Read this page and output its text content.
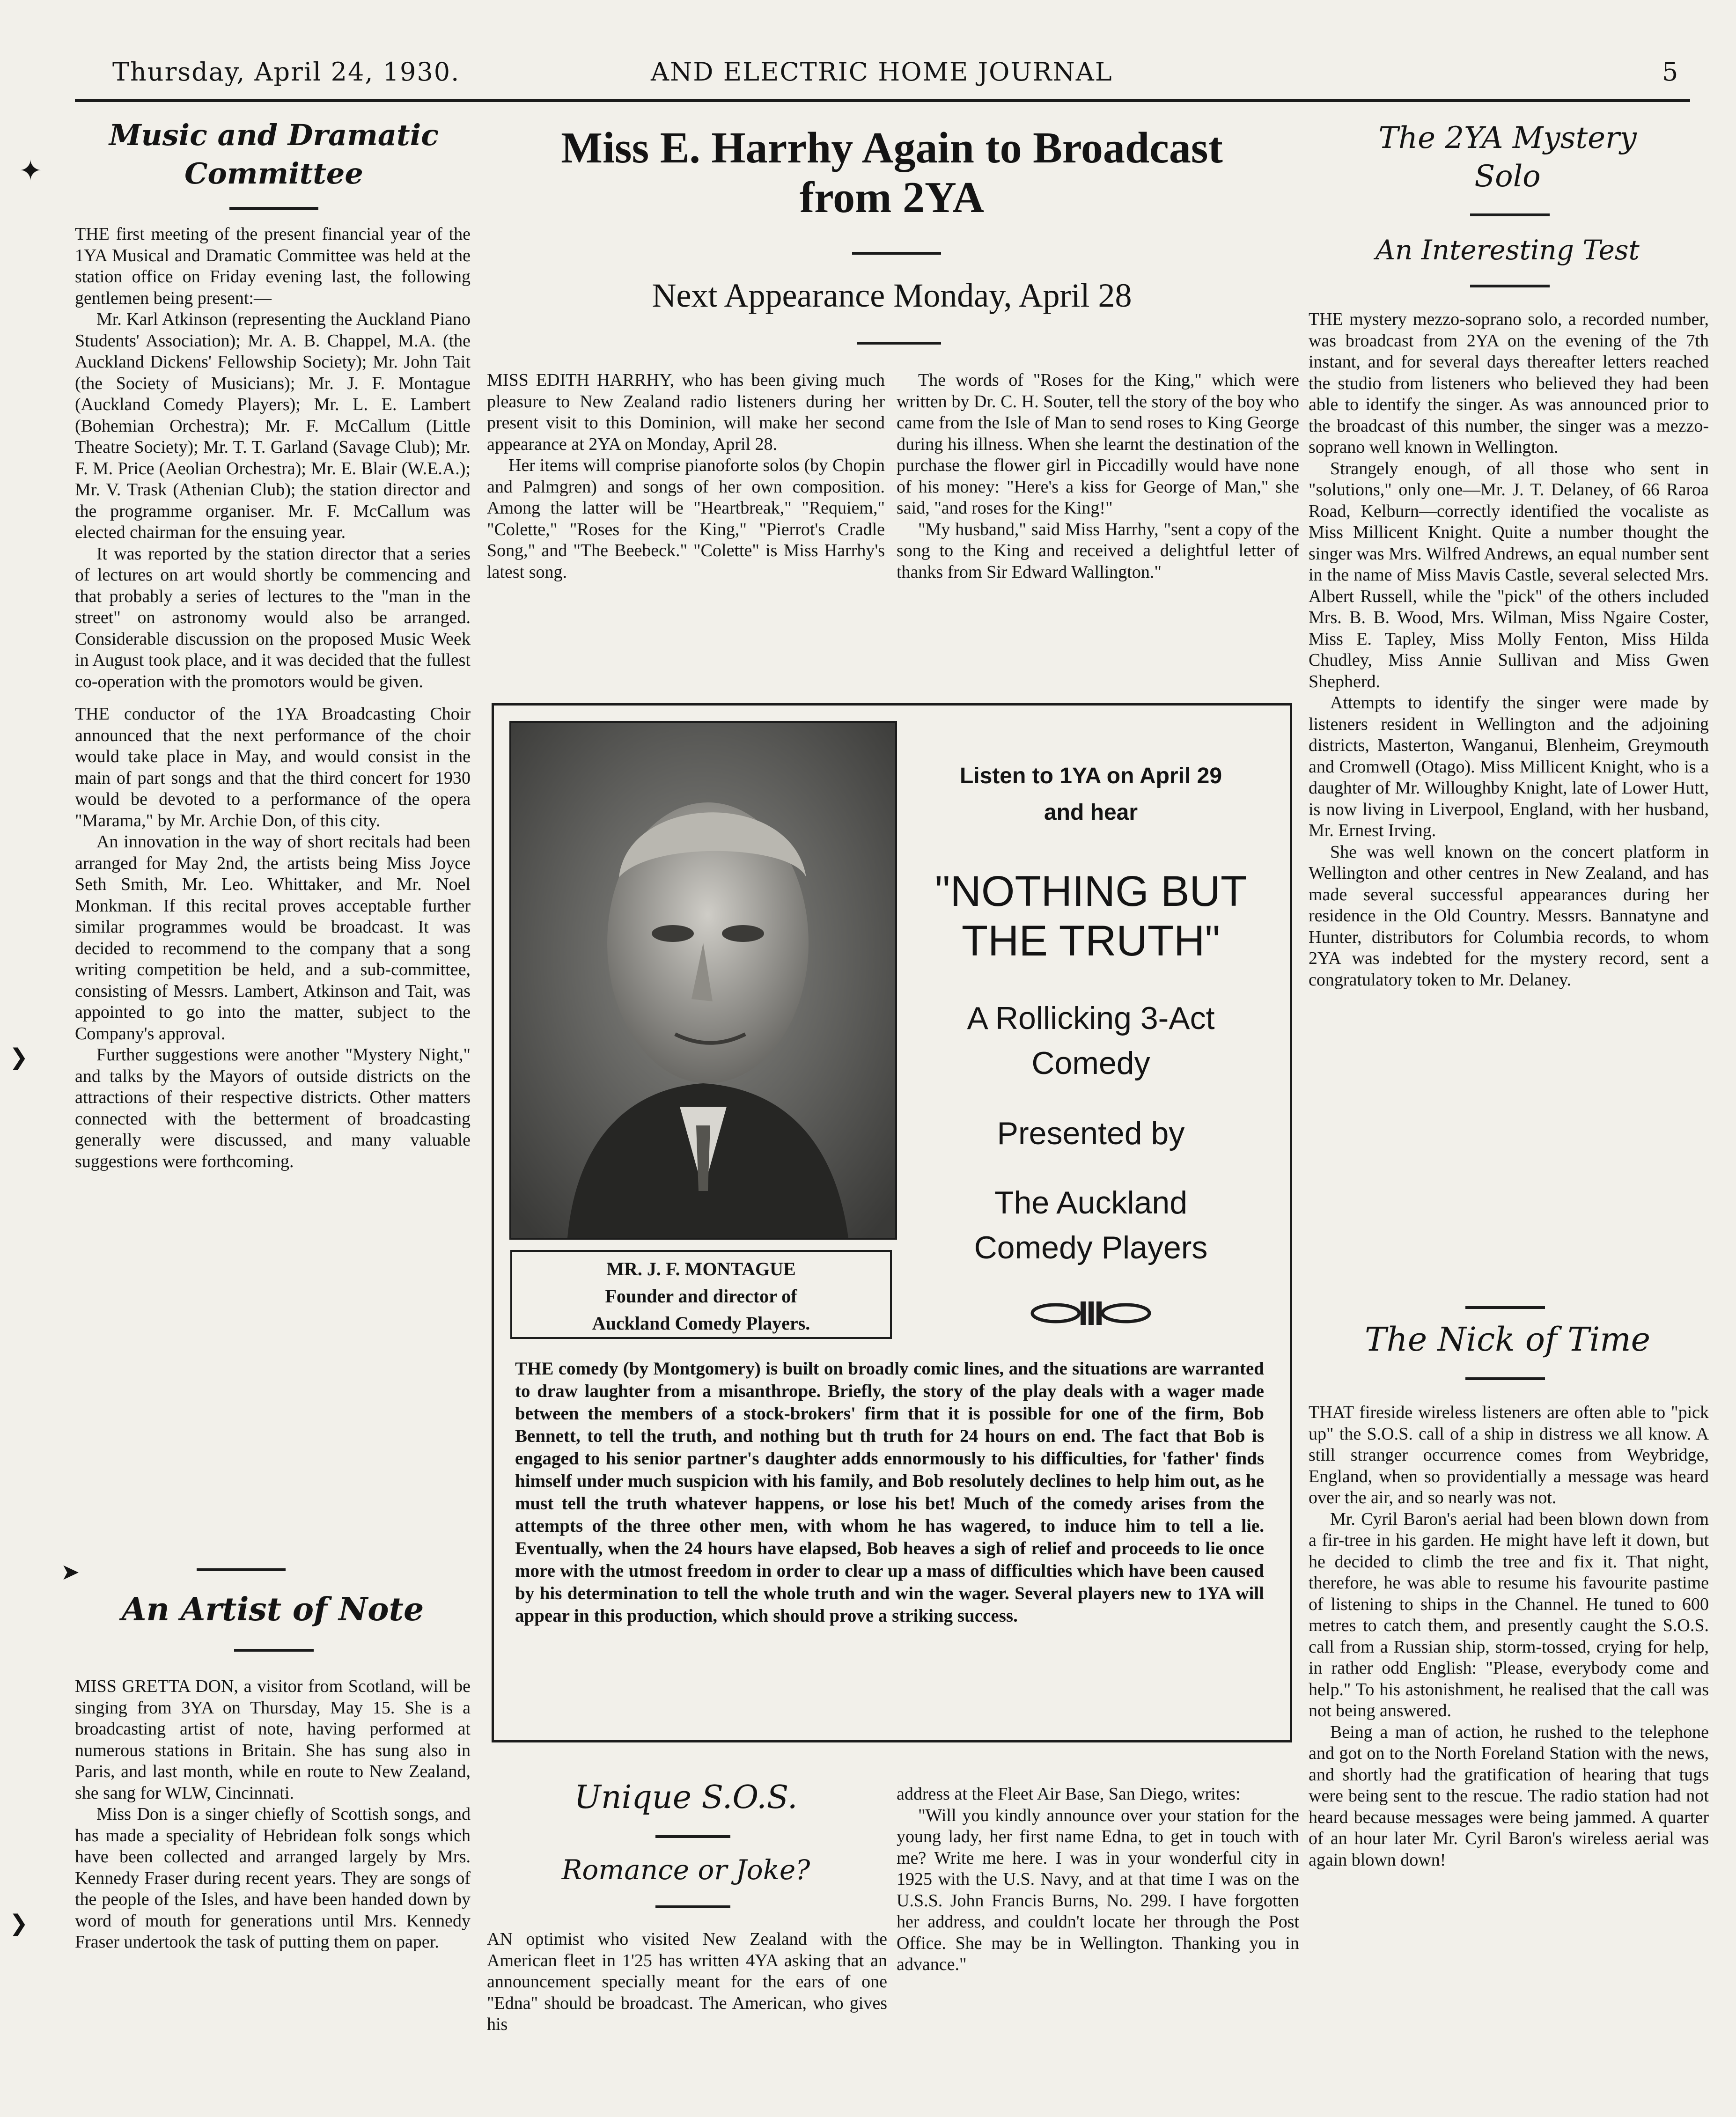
Thursday, April 24, 1930.	AND ELECTRIC HOME JOURNAL	5
Music and Dramatic
Committee

THE first meeting of the present financial year of the 1YA Musical and Dramatic Committee was held at the station office on Friday evening last, the following gentlemen being present:—

Mr. Karl Atkinson (representing the Auckland Piano Students' Association); Mr. A. B. Chappel, M.A. (the Auckland Dickens' Fellowship Society); Mr. John Tait (the Society of Musicians); Mr. J. F. Montague (Auckland Comedy Players); Mr. L. E. Lambert (Bohemian Orchestra); Mr. F. McCallum (Little Theatre Society); Mr. T. T. Garland (Savage Club); Mr. F. M. Price (Aeolian Orchestra); Mr. E. Blair (W.E.A.); Mr. V. Trask (Athenian Club); the station director and the programme organiser. Mr. F. McCallum was elected chairman for the ensuing year.

It was reported by the station director that a series of lectures on art would shortly be commencing and that probably a series of lectures to the "man in the street" on astronomy would also be arranged. Considerable discussion on the proposed Music Week in August took place, and it was decided that the fullest co-operation with the promotors would be given.

THE conductor of the 1YA Broadcasting Choir announced that the next performance of the choir would take place in May, and would consist in the main of part songs and that the third concert for 1930 would be devoted to a performance of the opera "Marama," by Mr. Archie Don, of this city.

An innovation in the way of short recitals had been arranged for May 2nd, the artists being Miss Joyce Seth Smith, Mr. Leo. Whittaker, and Mr. Noel Monkman. If this recital proves acceptable further similar programmes would be broadcast. It was decided to recommend to the company that a song writing competition be held, and a sub-committee, consisting of Messrs. Lambert, Atkinson and Tait, was appointed to go into the matter, subject to the Company's approval.

Further suggestions were another "Mystery Night," and talks by the Mayors of outside districts on the attractions of their respective districts. Other matters connected with the betterment of broadcasting generally were discussed, and many valuable suggestions were forthcoming.

An Artist of Note

MISS GRETTA DON, a visitor from Scotland, will be singing from 3YA on Thursday, May 15. She is a broadcasting artist of note, having performed at numerous stations in Britain. She has sung also in Paris, and last month, while en route to New Zealand, she sang for WLW, Cincinnati.

Miss Don is a singer chiefly of Scottish songs, and has made a speciality of Hebridean folk songs which have been collected and arranged largely by Mrs. Kennedy Fraser during recent years. They are songs of the people of the Isles, and have been handed down by word of mouth for generations until Mrs. Kennedy Fraser undertook the task of putting them on paper.

Miss E. Harrhy Again to Broadcast
from 2YA
Next Appearance Monday, April 28

MISS EDITH HARRHY, who has been giving much pleasure to New Zealand radio listeners during her present visit to this Dominion, will make her second appearance at 2YA on Monday, April 28.

Her items will comprise pianoforte solos (by Chopin and Palmgren) and songs of her own composition. Among the latter will be "Heartbreak," "Requiem," "Colette," "Roses for the King," "Pierrot's Cradle Song," and "The Beebeck." "Colette" is Miss Harrhy's latest song.

The words of "Roses for the King," which were written by Dr. C. H. Souter, tell the story of the boy who came from the Isle of Man to send roses to King George during his illness. When she learnt the destination of the purchase the flower girl in Piccadilly would have none of his money: "Here's a kiss for George of Man," she said, "and roses for the King!"

"My husband," said Miss Harrhy, "sent a copy of the song to the King and received a delightful letter of thanks from Sir Edward Wallington."

MR. J. F. MONTAGUE
Founder and director of
Auckland Comedy Players.
Listen to 1YA on April 29
and hear
"NOTHING BUT
THE TRUTH"
A Rollicking 3-Act
Comedy
Presented by
The Auckland
Comedy Players
THE comedy (by Montgomery) is built on broadly comic lines, and the situations are warranted to draw laughter from a misanthrope. Briefly, the story of the play deals with a wager made between the members of a stock-brokers' firm that it is possible for one of the firm, Bob Bennett, to tell the truth, and nothing but th truth for 24 hours on end. The fact that Bob is engaged to his senior partner's daughter adds ennormously to his difficulties, for 'father' finds himself under much suspicion with his family, and Bob resolutely declines to help him out, as he must tell the truth whatever happens, or lose his bet! Much of the comedy arises from the attempts of the three other men, with whom he has wagered, to induce him to tell a lie. Eventually, when the 24 hours have elapsed, Bob heaves a sigh of relief and proceeds to lie once more with the utmost freedom in order to clear up a mass of difficulties which have been caused by his determination to tell the whole truth and win the wager. Several players new to 1YA will appear in this production, which should prove a striking success.
Unique S.O.S.
Romance or Joke?

AN optimist who visited New Zealand with the American fleet in 1'25 has written 4YA asking that an announcement specially meant for the ears of one "Edna" should be broadcast. The American, who gives his

address at the Fleet Air Base, San Diego, writes:

"Will you kindly announce over your station for the young lady, her first name Edna, to get in touch with me? Write me here. I was in your wonderful city in 1925 with the U.S. Navy, and at that time I was on the U.S.S. John Francis Burns, No. 299. I have forgotten her address, and couldn't locate her through the Post Office. She may be in Wellington. Thanking you in advance."

The 2YA Mystery
Solo
An Interesting Test

THE mystery mezzo-soprano solo, a recorded number, was broadcast from 2YA on the evening of the 7th instant, and for several days thereafter letters reached the studio from listeners who believed they had been able to identify the singer. As was announced prior to the broadcast of this number, the singer was a mezzo-soprano well known in Wellington.

Strangely enough, of all those who sent in "solutions," only one—Mr. J. T. Delaney, of 66 Raroa Road, Kelburn—correctly identified the vocaliste as Miss Millicent Knight. Quite a number thought the singer was Mrs. Wilfred Andrews, an equal number sent in the name of Miss Mavis Castle, several selected Mrs. Albert Russell, while the "pick" of the others included Mrs. B. B. Wood, Mrs. Wilman, Miss Ngaire Coster, Miss E. Tapley, Miss Molly Fenton, Miss Hilda Chudley, Miss Annie Sullivan and Miss Gwen Shepherd.

Attempts to identify the singer were made by listeners resident in Wellington and the adjoining districts, Masterton, Wanganui, Blenheim, Greymouth and Cromwell (Otago). Miss Millicent Knight, who is a daughter of Mr. Willoughby Knight, late of Lower Hutt, is now living in Liverpool, England, with her husband, Mr. Ernest Irving.

She was well known on the concert platform in Wellington and other centres in New Zealand, and has made several successful appearances during her residence in the Old Country. Messrs. Bannatyne and Hunter, distributors for Columbia records, to whom 2YA was indebted for the mystery record, sent a congratulatory token to Mr. Delaney.

The Nick of Time

THAT fireside wireless listeners are often able to "pick up" the S.O.S. call of a ship in distress we all know. A still stranger occurrence comes from Weybridge, England, when so providentially a message was heard over the air, and so nearly was not.

Mr. Cyril Baron's aerial had been blown down from a fir-tree in his garden. He might have left it down, but he decided to climb the tree and fix it. That night, therefore, he was able to resume his favourite pastime of listening to ships in the Channel. He tuned to 600 metres to catch them, and presently caught the S.O.S. call from a Russian ship, storm-tossed, crying for help, in rather odd English: "Please, everybody come and help." To his astonishment, he realised that the call was not being answered.

Being a man of action, he rushed to the telephone and got on to the North Foreland Station with the news, and shortly had the gratification of hearing that tugs were being sent to the rescue. The radio station had not heard because messages were being jammed. A quarter of an hour later Mr. Cyril Baron's wireless aerial was again blown down!

✦
❯
➤
❯
